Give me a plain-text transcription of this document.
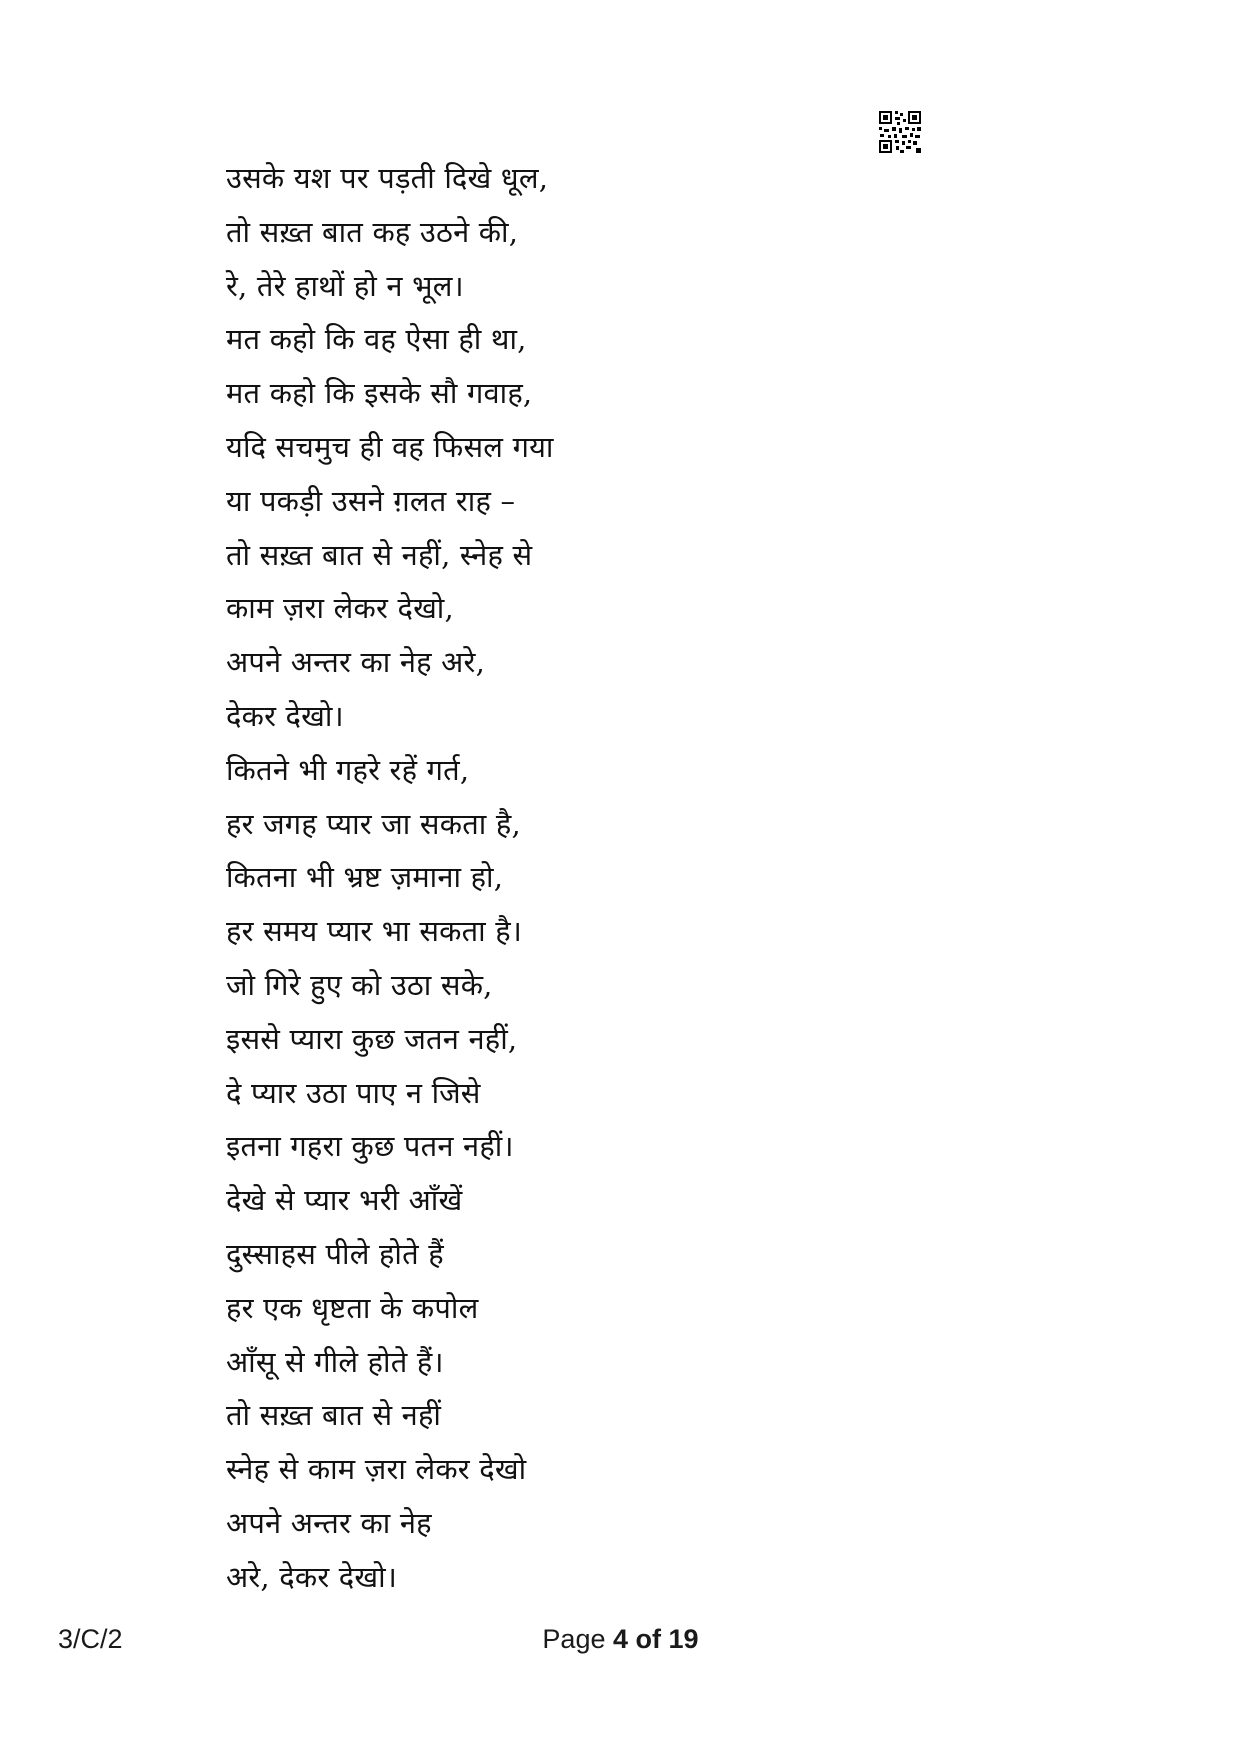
उसके यश पर पड़ती दिखे धूल,
तो सख़्त बात कह उठने की,
रे, तेरे हाथों हो न भूल।
मत कहो कि वह ऐसा ही था,
मत कहो कि इसके सौ गवाह,
यदि सचमुच ही वह फिसल गया
या पकड़ी उसने ग़लत राह –
तो सख़्त बात से नहीं, स्नेह से
काम ज़रा लेकर देखो,
अपने अन्तर का नेह अरे,
देकर देखो।
कितने भी गहरे रहें गर्त,
हर जगह प्यार जा सकता है,
कितना भी भ्रष्ट ज़माना हो,
हर समय प्यार भा सकता है।
जो गिरे हुए को उठा सके,
इससे प्यारा कुछ जतन नहीं,
दे प्यार उठा पाए न जिसे
इतना गहरा कुछ पतन नहीं।
देखे से प्यार भरी आँखें
दुस्साहस पीले होते हैं
हर एक धृष्टता के कपोल
आँसू से गीले होते हैं।
तो सख़्त बात से नहीं
स्नेह से काम ज़रा लेकर देखो
अपने अन्तर का नेह
अरे, देकर देखो।
3/C/2	Page 4 of 19
